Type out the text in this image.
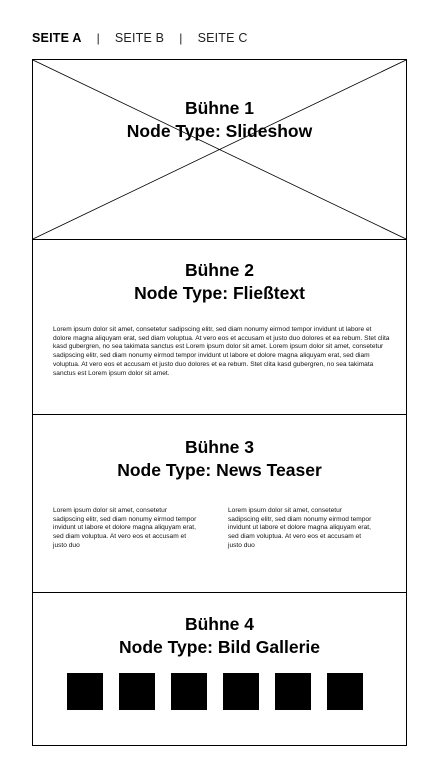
SEITE A | SEITE B | SEITE C
Bühne 1
Node Type: Slideshow
Bühne 2
Node Type: Fließtext
Lorem ipsum dolor sit amet, consetetur sadipscing elitr, sed diam nonumy eirmod tempor invidunt ut labore et dolore magna aliquyam erat, sed diam voluptua. At vero eos et accusam et justo duo dolores et ea rebum. Stet clita kasd gubergren, no sea takimata sanctus est Lorem ipsum dolor sit amet. Lorem ipsum dolor sit amet, consetetur sadipscing elitr, sed diam nonumy eirmod tempor invidunt ut labore et dolore magna aliquyam erat, sed diam voluptua. At vero eos et accusam et justo duo dolores et ea rebum. Stet clita kasd gubergren, no sea takimata sanctus est Lorem ipsum dolor sit amet.
Bühne 3
Node Type: News Teaser
Lorem ipsum dolor sit amet, consetetur sadipscing elitr, sed diam nonumy eirmod tempor invidunt ut labore et dolore magna aliquyam erat, sed diam voluptua. At vero eos et accusam et justo duo
Lorem ipsum dolor sit amet, consetetur sadipscing elitr, sed diam nonumy eirmod tempor invidunt ut labore et dolore magna aliquyam erat, sed diam voluptua. At vero eos et accusam et justo duo
Bühne 4
Node Type: Bild Gallerie
